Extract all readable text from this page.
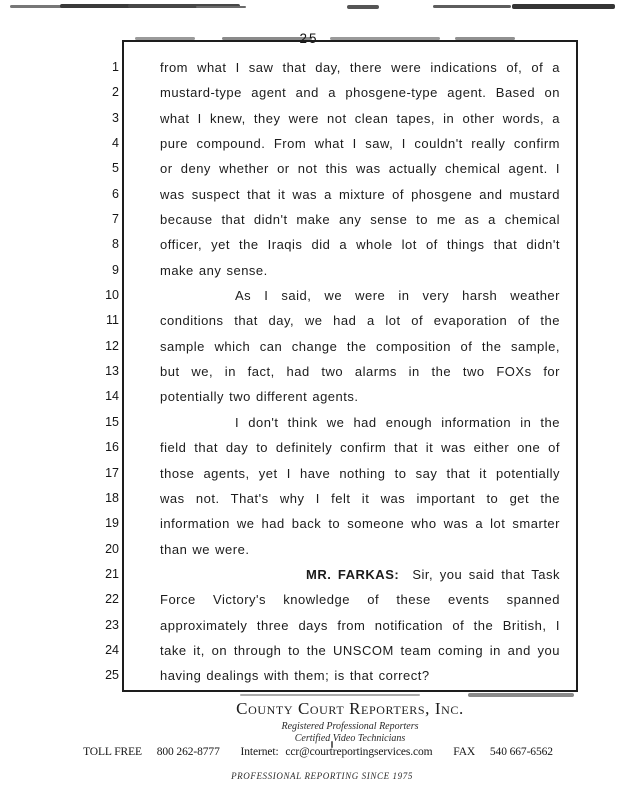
25
1	from what I saw that day, there were indications of, of a
2	mustard-type agent and a phosgene-type agent. Based on
3	what I knew, they were not clean tapes, in other words, a
4	pure compound. From what I saw, I couldn't really confirm
5	or deny whether or not this was actually chemical agent. I
6	was suspect that it was a mixture of phosgene and mustard
7	because that didn't make any sense to me as a chemical
8	officer, yet the Iraqis did a whole lot of things that didn't
9	make any sense.
10	As I said, we were in very harsh weather
11	conditions that day, we had a lot of evaporation of the
12	sample which can change the composition of the sample,
13	but we, in fact, had two alarms in the two FOXs for
14	potentially two different agents.
15	I don't think we had enough information in the
16	field that day to definitely confirm that it was either one of
17	those agents, yet I have nothing to say that it potentially
18	was not. That's why I felt it was important to get the
19	information we had back to someone who was a lot smarter
20	than we were.
21	MR. FARKAS:  Sir, you said that Task
22	Force Victory's knowledge of these events spanned
23	approximately three days from notification of the British, I
24	take it, on through to the UNSCOM team coming in and you
25	having dealings with them; is that correct?
County Court Reporters, Inc.
Registered Professional Reporters
Certified Video Technicians
TOLL FREE 800 262-8777 Internet: ccr@courtreportingservices.com FAX 540 667-6562
PROFESSIONAL REPORTING SINCE 1975
